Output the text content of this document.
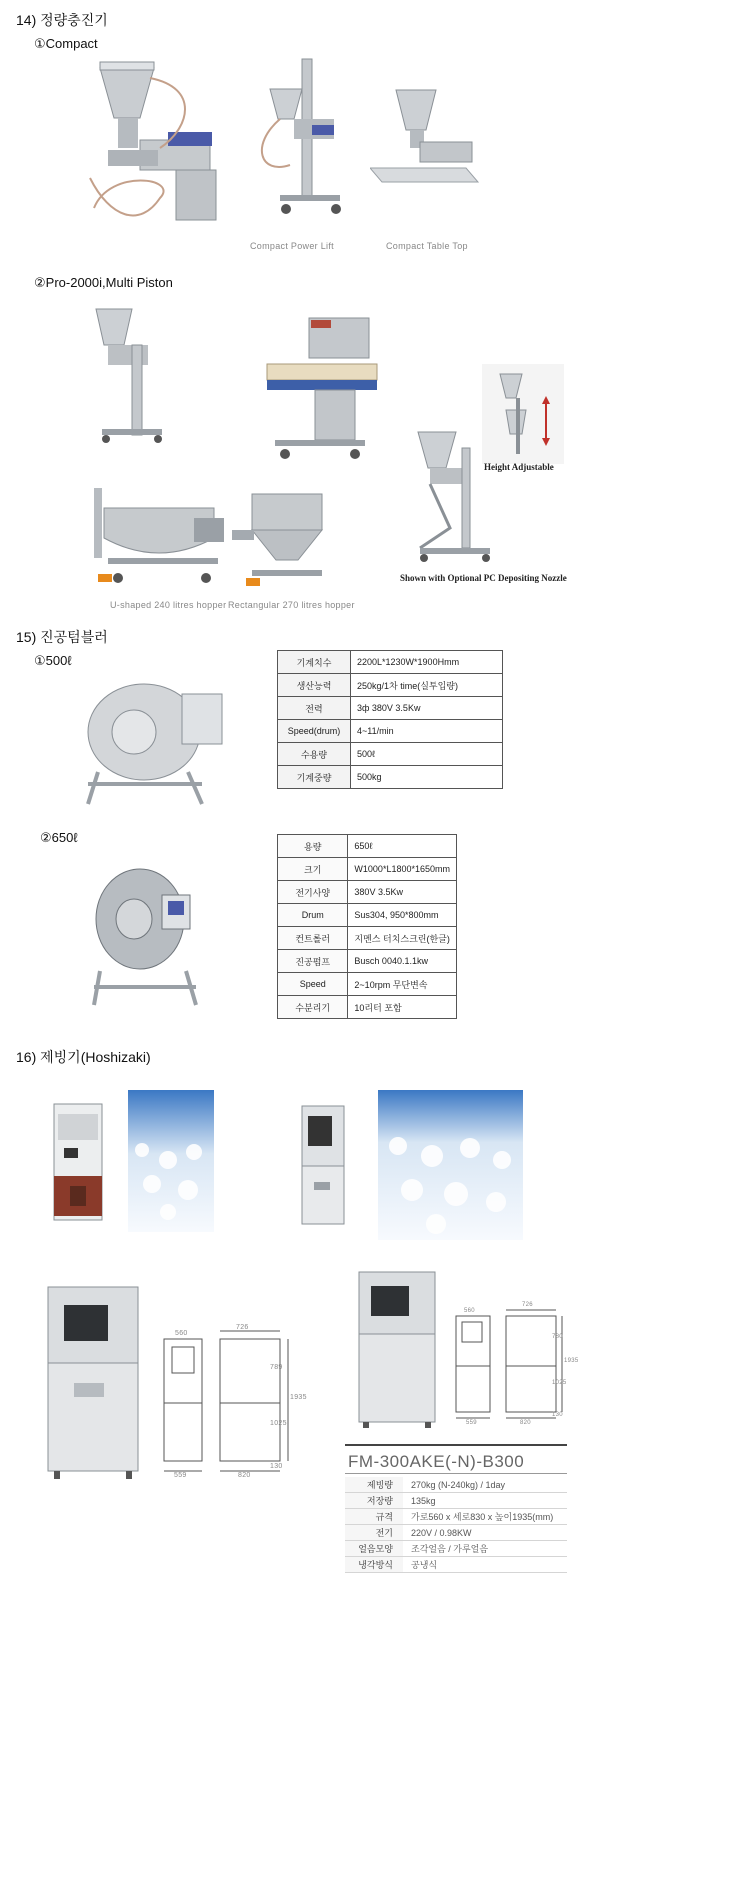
14) 정량충진기
①Compact
Compact Power Lift	Compact Table Top
②Pro-2000i,Multi Piston
Height Adjustable
Shown with Optional PC Depositing Nozzle
U-shaped 240 litres hopper Rectangular 270 litres hopper
15) 진공텀블러
①500ℓ	기계치수	2200L*1230W*1900Hmm
생산능력	250kg/1차 time(실투입량)
전력	3ф 380V 3.5Kw
Speed(drum)	4~11/min
수용량	500ℓ
기계중량	500kg
②650ℓ
용량	650ℓ
크기	W1000*L1800*1650mm
전기사양	380V 3.5Kw
Drum	Sus304, 950*800mm
컨트롤러	지멘스 터치스크린(한글)
진공펌프	Busch 0040.1.1kw
Speed	2~10rpm 무단변속
수분리기	10리터 포함
16) 제빙기(Hoshizaki)
560
726
789
1935
1025
130
559	820
560
726
780
1935
1025
130
559	820
FM-300AKE(-N)-B300
제빙량	270kg (N-240kg) / 1day
저장량	135kg
규격	가로560 x 세로830 x 높이1935(mm)
전기	220V / 0.98KW
얼음모양	조각얼음 / 가루얼음
냉각방식	공냉식
